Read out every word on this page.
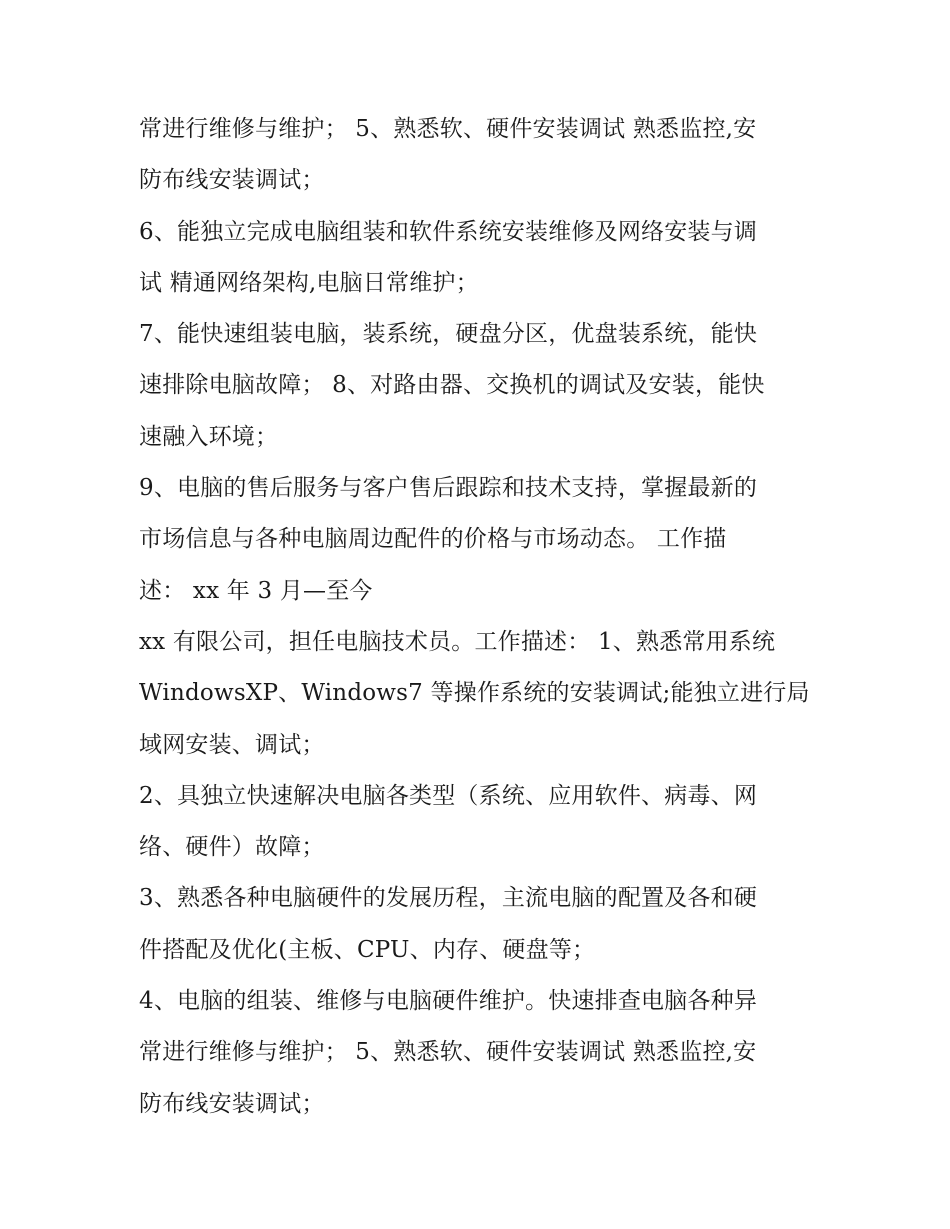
常进行维修与维护； 5、熟悉软、硬件安装调试 熟悉监控,安
防布线安装调试；
6、能独立完成电脑组装和软件系统安装维修及网络安装与调
试 精通网络架构,电脑日常维护；
7、能快速组装电脑，装系统，硬盘分区，优盘装系统，能快
速排除电脑故障； 8、对路由器、交换机的调试及安装，能快
速融入环境；
9、电脑的售后服务与客户售后跟踪和技术支持，掌握最新的
市场信息与各种电脑周边配件的价格与市场动态。 工作描
述： xx 年 3 月—至今
xx 有限公司，担任电脑技术员。工作描述： 1、熟悉常用系统
WindowsXP、Windows7 等操作系统的安装调试;能独立进行局
域网安装、调试；
2、具独立快速解决电脑各类型（系统、应用软件、病毒、网
络、硬件）故障；
3、熟悉各种电脑硬件的发展历程，主流电脑的配置及各和硬
件搭配及优化(主板、CPU、内存、硬盘等；
4、电脑的组装、维修与电脑硬件维护。快速排查电脑各种异
常进行维修与维护； 5、熟悉软、硬件安装调试 熟悉监控,安
防布线安装调试；
